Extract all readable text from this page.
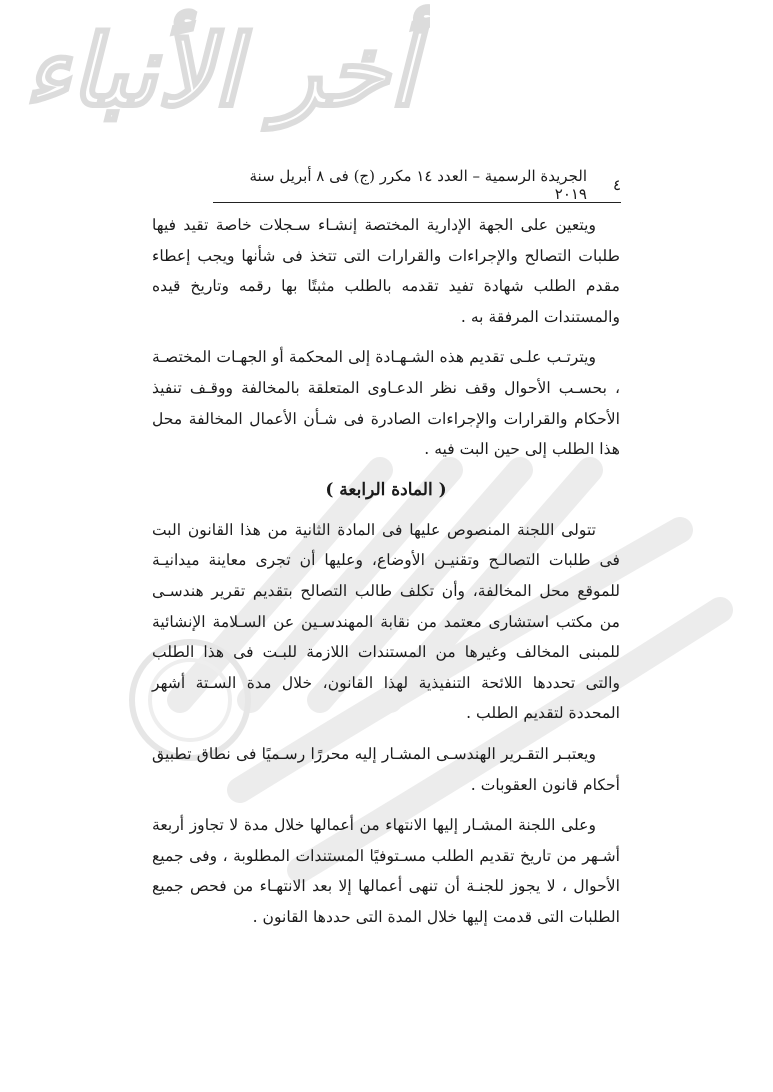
أخر الأنباء
٤
الجريدة الرسمية – العدد ١٤ مكرر (ج) فى ٨ أبريل سنة ٢٠١٩

ويتعين على الجهة الإدارية المختصة إنشـاء سـجلات خاصة تقيد فيها طلبات التصالح والإجراءات والقرارات التى تتخذ فى شأنها ويجب إعطاء مقدم الطلب شهادة تفيد تقدمه بالطلب مثبتًا بها رقمه وتاريخ قيده والمستندات المرفقة به .

ويترتـب علـى تقديم هذه الشـهـادة إلى المحكمة أو الجهـات المختصـة ، بحسـب الأحوال وقف نظر الدعـاوى المتعلقة بالمخالفة ووقـف تنفيذ الأحكام والقرارات والإجراءات الصادرة فى شـأن الأعمال المخالفة محل هذا الطلب إلى حين البت فيه .

( المادة الرابعة )

تتولى اللجنة المنصوص عليها فى المادة الثانية من هذا القانون البت فى طلبات التصالـح وتقنيـن الأوضاع، وعليها أن تجرى معاينة ميدانيـة للموقع محل المخالفة، وأن تكلف طالب التصالح بتقديم تقرير هندسـى من مكتب استشارى معتمد من نقابة المهندسـين عن السـلامة الإنشائية للمبنى المخالف وغيرها من المستندات اللازمة للبـت فى هذا الطلب والتى تحددها اللائحة التنفيذية لهذا القانون، خلال مدة السـتة أشهر المحددة لتقديم الطلب .

ويعتبـر التقـرير الهندسـى المشـار إليه محررًا رسـميًا فى نطاق تطبيق أحكام قانون العقوبات .

وعلى اللجنة المشـار إليها الانتهاء من أعمالها خلال مدة لا تجاوز أربعة أشـهر من تاريخ تقديم الطلب مسـتوفيًا المستندات المطلوبة ، وفى جميع الأحوال ، لا يجوز للجنـة أن تنهى أعمالها إلا بعد الانتهـاء من فحص جميع الطلبات التى قدمت إليها خلال المدة التى حددها القانون .
